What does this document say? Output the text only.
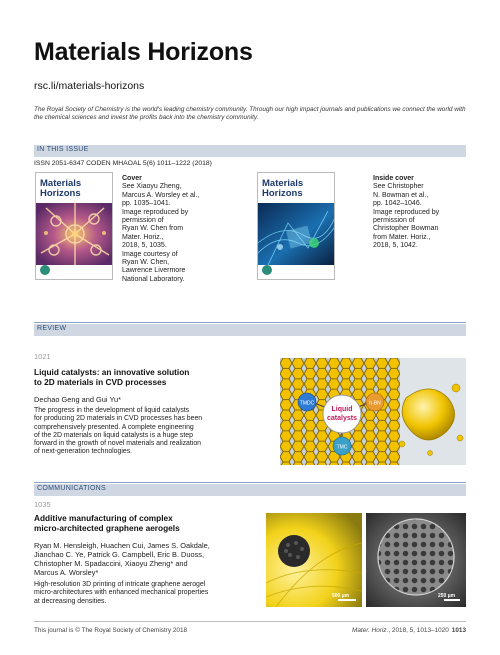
Materials Horizons
rsc.li/materials-horizons
The Royal Society of Chemistry is the world's leading chemistry community. Through our high impact journals and publications we connect the world with the chemical sciences and invest the profits back into the chemistry community.
IN THIS ISSUE
ISSN 2051-6347 CODEN MHAOAL 5(6) 1011–1222 (2018)
Materials Horizons
Cover

See Xiaoyu Zheng,
Marcus A. Worsley et al.,
pp. 1035–1041.
Image reproduced by
permission of
Ryan W. Chen from
Mater. Horiz.,
2018, 5, 1035.
Image courtesy of
Ryan W. Chen,
Lawrence Livermore
National Laboratory.

Materials Horizons
Inside cover

See Christopher
N. Bowman et al.,
pp. 1042–1046.
Image reproduced by
permission of
Christopher Bowman
from Mater. Horiz.,
2018, 5, 1042.

REVIEW
1021
Liquid catalysts: an innovative solution
to 2D materials in CVD processes
Dechao Geng and Gui Yu*
The progress in the development of liquid catalysts
for producing 2D materials in CVD processes has been
comprehensively presented. A complete engineering
of the 2D materials on liquid catalysts is a huge step
forward in the growth of novel materials and realization
of next-generation technologies.
Liquid
catalysts
TMDC	h-BN
TMC
COMMUNICATIONS
1035
Additive manufacturing of complex
micro-architected graphene aerogels
Ryan M. Hensleigh, Huachen Cui, James S. Oakdale,
Jianchao C. Ye, Patrick G. Campbell, Eric B. Duoss,
Christopher M. Spadaccini, Xiaoyu Zheng* and
Marcus A. Worsley*
High-resolution 3D printing of intricate graphene aerogel
micro-architectures with enhanced mechanical properties
at decreasing densities.
500 µm	250 µm
This journal is © The Royal Society of Chemistry 2018	Mater. Horiz., 2018, 5, 1013–1020 1013
